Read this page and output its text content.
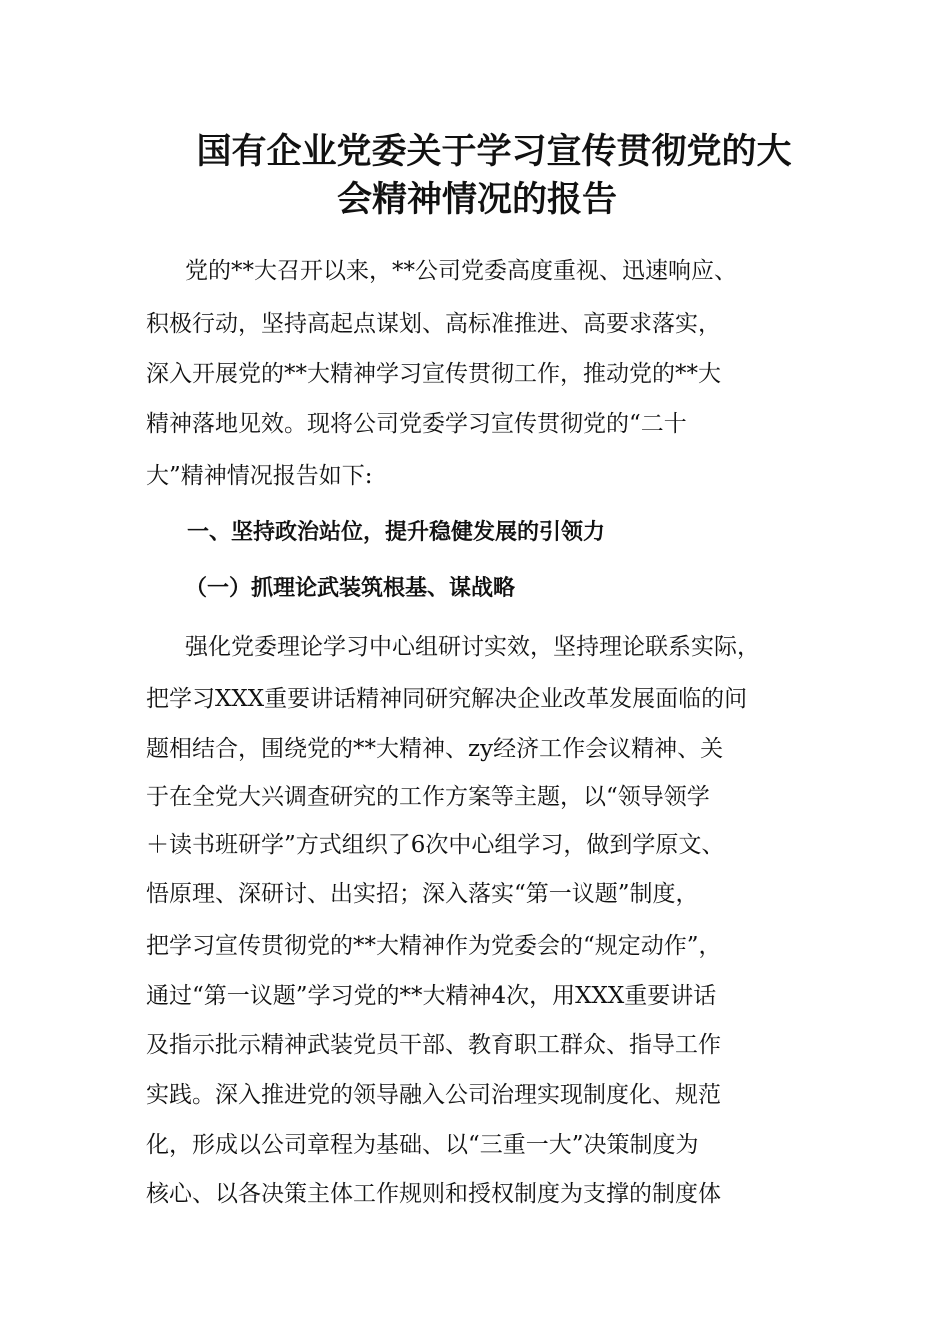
国有企业党委关于学习宣传贯彻党的大
会精神情况的报告
党的**大召开以来，**公司党委高度重视、迅速响应、
积极行动，坚持高起点谋划、高标准推进、高要求落实，
深入开展党的**大精神学习宣传贯彻工作，推动党的**大
精神落地见效。现将公司党委学习宣传贯彻党的“二十
大”精神情况报告如下:
一、坚持政治站位，提升稳健发展的引领力
（一）抓理论武装筑根基、谋战略
强化党委理论学习中心组研讨实效，坚持理论联系实际，
把学习XXX重要讲话精神同研究解决企业改革发展面临的问
题相结合，围绕党的**大精神、zy经济工作会议精神、关
于在全党大兴调查研究的工作方案等主题，以“领导领学
＋读书班研学”方式组织了6次中心组学习，做到学原文、
悟原理、深研讨、出实招；深入落实“第一议题”制度，
把学习宣传贯彻党的**大精神作为党委会的“规定动作”，
通过“第一议题”学习党的**大精神4次，用XXX重要讲话
及指示批示精神武装党员干部、教育职工群众、指导工作
实践。深入推进党的领导融入公司治理实现制度化、规范
化，形成以公司章程为基础、以“三重一大”决策制度为
核心、以各决策主体工作规则和授权制度为支撑的制度体
